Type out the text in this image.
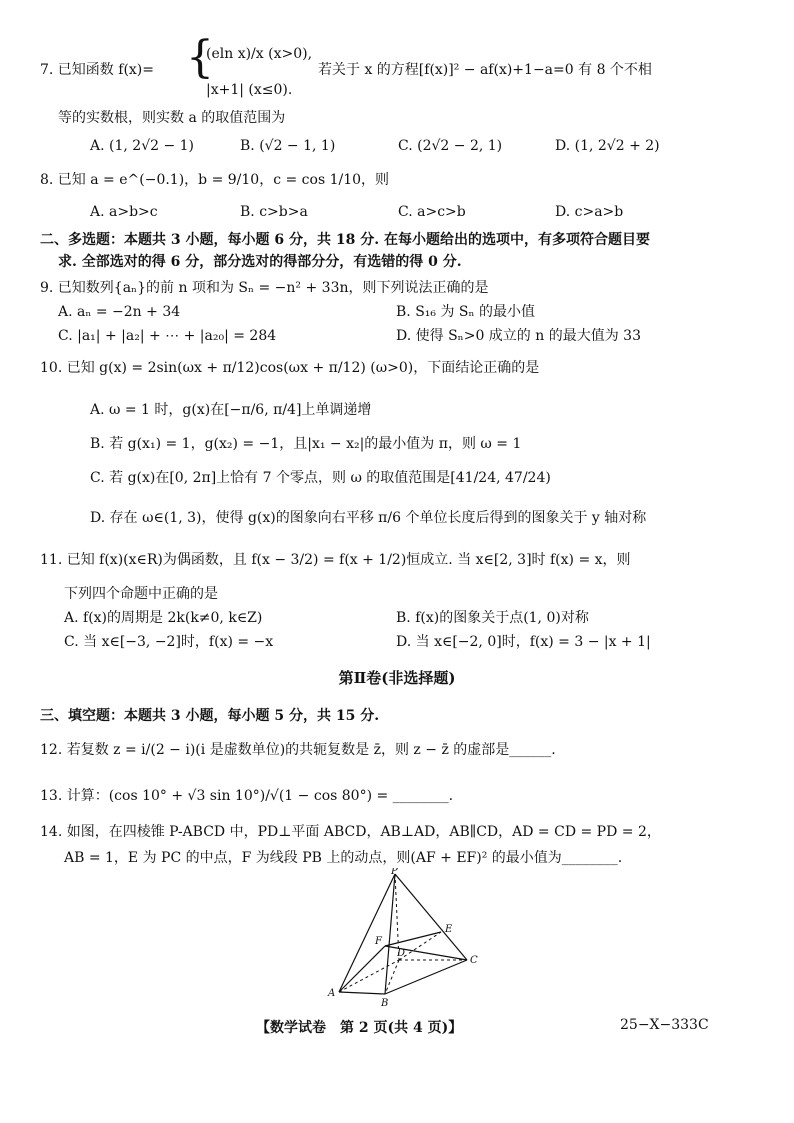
7. 已知函数 f(x)= {
(eln x)/x (x>0),
|x+1| (x≤0).
若关于 x 的方程[f(x)]² − af(x)+1−a=0 有 8 个不相
等的实数根，则实数 a 的取值范围为
A. (1, 2√2 − 1)	B. (√2 − 1, 1)	C. (2√2 − 2, 1)	D. (1, 2√2 + 2)
8. 已知 a = e^(−0.1)，b = 9/10，c = cos 1/10，则
A. a>b>c	B. c>b>a	C. a>c>b	D. c>a>b
二、多选题：本题共 3 小题，每小题 6 分，共 18 分. 在每小题给出的选项中，有多项符合题目要
求. 全部选对的得 6 分，部分选对的得部分分，有选错的得 0 分.
9. 已知数列{aₙ}的前 n 项和为 Sₙ = −n² + 33n，则下列说法正确的是
A. aₙ = −2n + 34	B. S₁₆ 为 Sₙ 的最小值
C. |a₁| + |a₂| + ⋯ + |a₂₀| = 284	D. 使得 Sₙ>0 成立的 n 的最大值为 33
10. 已知 g(x) = 2sin(ωx + π/12)cos(ωx + π/12) (ω>0)，下面结论正确的是
A. ω = 1 时，g(x)在[−π/6, π/4]上单调递增
B. 若 g(x₁) = 1，g(x₂) = −1，且|x₁ − x₂|的最小值为 π，则 ω = 1
C. 若 g(x)在[0, 2π]上恰有 7 个零点，则 ω 的取值范围是[41/24, 47/24)
D. 存在 ω∈(1, 3)，使得 g(x)的图象向右平移 π/6 个单位长度后得到的图象关于 y 轴对称
11. 已知 f(x)(x∈R)为偶函数，且 f(x − 3/2) = f(x + 1/2)恒成立. 当 x∈[2, 3]时 f(x) = x，则
下列四个命题中正确的是
A. f(x)的周期是 2k(k≠0, k∈Z)	B. f(x)的图象关于点(1, 0)对称
C. 当 x∈[−3, −2]时，f(x) = −x	D. 当 x∈[−2, 0]时，f(x) = 3 − |x + 1|
第Ⅱ卷(非选择题)
三、填空题：本题共 3 小题，每小题 5 分，共 15 分.
12. 若复数 z = i/(2 − i)(i 是虚数单位)的共轭复数是 z̄，则 z − z̄ 的虚部是______.
13. 计算：(cos 10° + √3 sin 10°)/√(1 − cos 80°) = ________.
14. 如图，在四棱锥 P-ABCD 中，PD⊥平面 ABCD，AB⊥AD，AB∥CD，AD = CD = PD = 2，
AB = 1，E 为 PC 的中点，F 为线段 PB 上的动点，则(AF + EF)² 的最小值为________.
P
E
F
D
C
A
B
【数学试卷　第 2 页(共 4 页)】	25−X−333C
